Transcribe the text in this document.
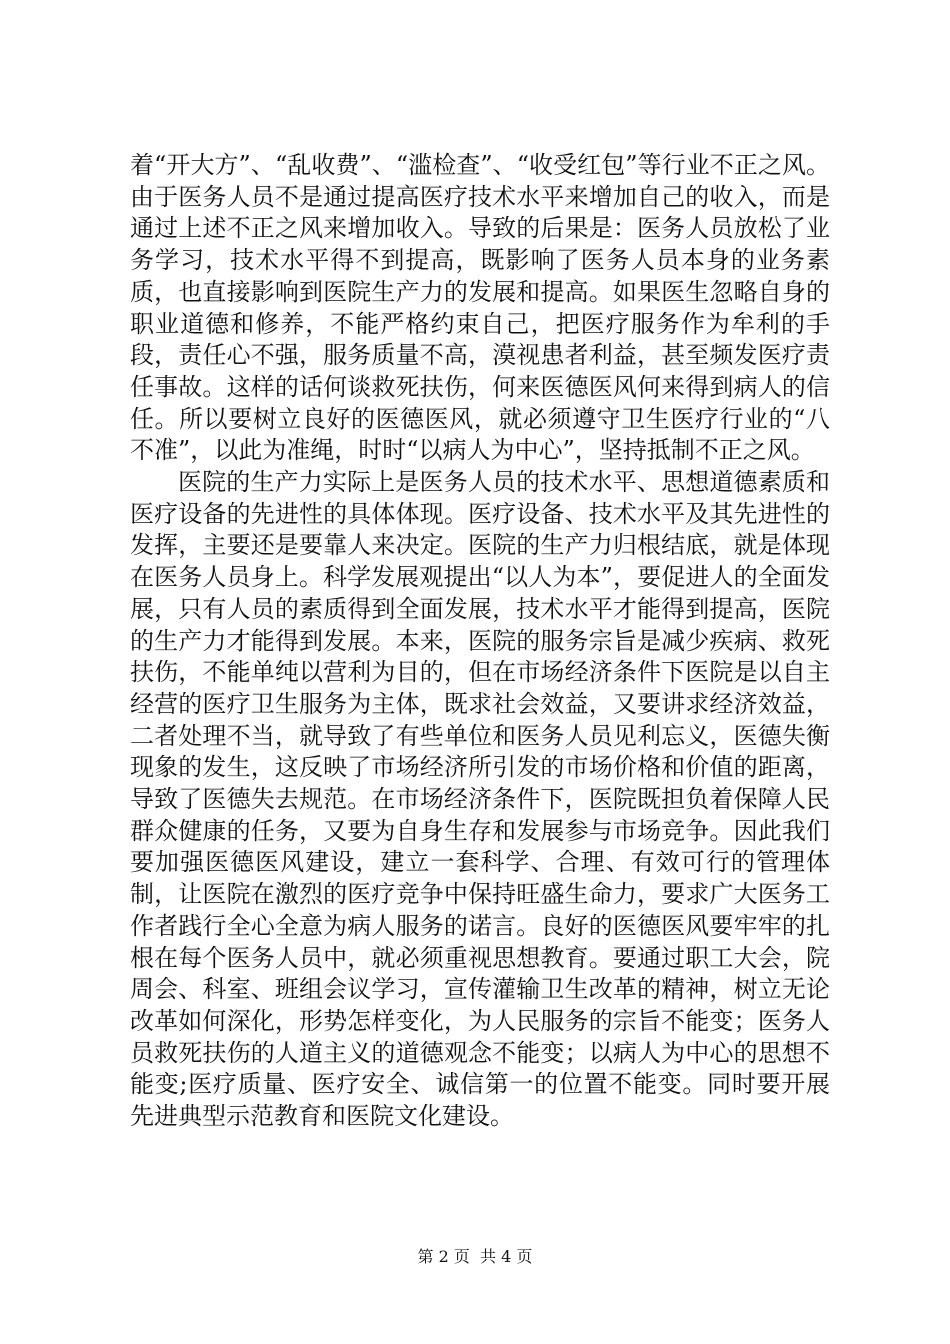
着“开大方”、“乱收费”、“滥检查”、“收受红包”等行业不正之风。由于医务人员不是通过提高医疗技术水平来增加自己的收入，而是通过上述不正之风来增加收入。导致的后果是：医务人员放松了业务学习，技术水平得不到提高，既影响了医务人员本身的业务素质，也直接影响到医院生产力的发展和提高。如果医生忽略自身的职业道德和修养，不能严格约束自己，把医疗服务作为牟利的手段，责任心不强，服务质量不高，漠视患者利益，甚至频发医疗责任事故。这样的话何谈救死扶伤，何来医德医风何来得到病人的信任。所以要树立良好的医德医风，就必须遵守卫生医疗行业的“八不准”，以此为准绳，时时“以病人为中心”，坚持抵制不正之风。

医院的生产力实际上是医务人员的技术水平、思想道德素质和医疗设备的先进性的具体体现。医疗设备、技术水平及其先进性的发挥，主要还是要靠人来决定。医院的生产力归根结底，就是体现在医务人员身上。科学发展观提出“以人为本”，要促进人的全面发展，只有人员的素质得到全面发展，技术水平才能得到提高，医院的生产力才能得到发展。本来，医院的服务宗旨是减少疾病、救死扶伤，不能单纯以营利为目的，但在市场经济条件下医院是以自主经营的医疗卫生服务为主体，既求社会效益，又要讲求经济效益，二者处理不当，就导致了有些单位和医务人员见利忘义，医德失衡现象的发生，这反映了市场经济所引发的市场价格和价值的距离，导致了医德失去规范。在市场经济条件下，医院既担负着保障人民群众健康的任务，又要为自身生存和发展参与市场竞争。因此我们要加强医德医风建设，建立一套科学、合理、有效可行的管理体制，让医院在激烈的医疗竞争中保持旺盛生命力，要求广大医务工作者践行全心全意为病人服务的诺言。良好的医德医风要牢牢的扎根在每个医务人员中，就必须重视思想教育。要通过职工大会，院周会、科室、班组会议学习，宣传灌输卫生改革的精神，树立无论改革如何深化，形势怎样变化，为人民服务的宗旨不能变；医务人员救死扶伤的人道主义的道德观念不能变；以病人为中心的思想不能变;医疗质量、医疗安全、诚信第一的位置不能变。同时要开展先进典型示范教育和医院文化建设。

第 2 页  共 4 页
